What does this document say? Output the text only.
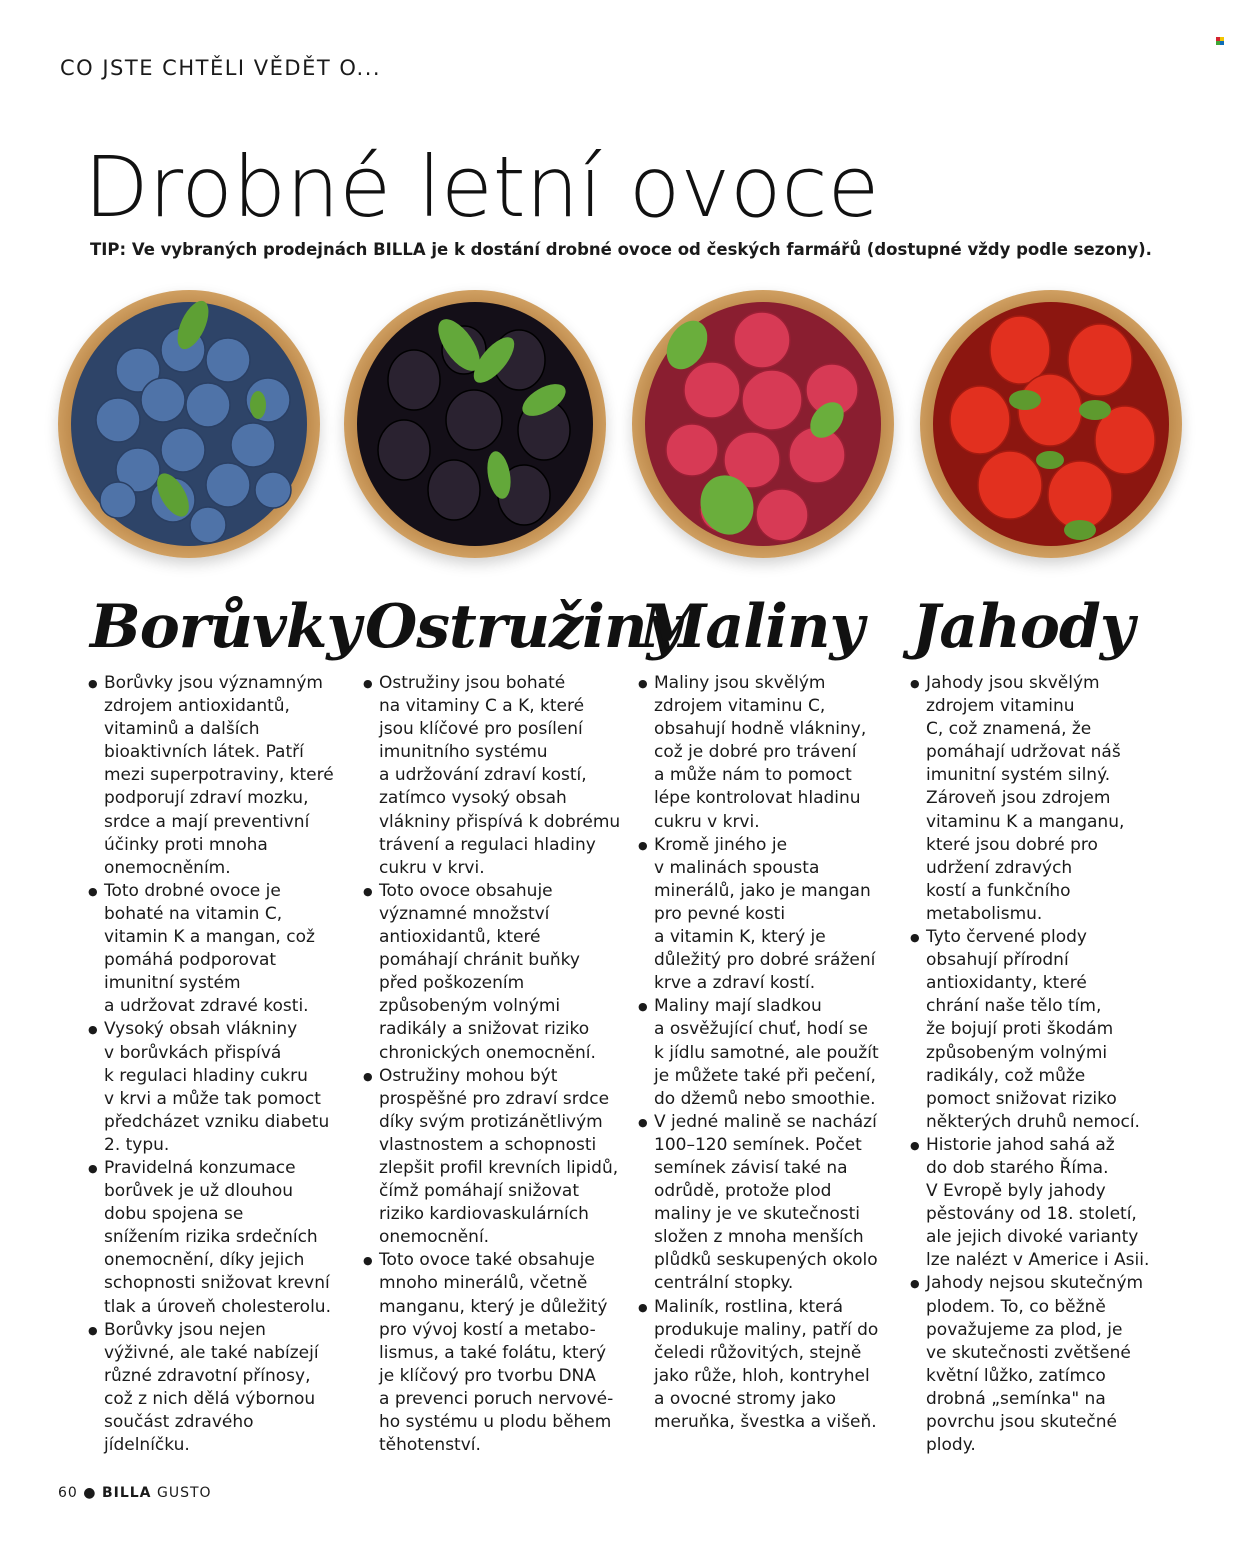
CO JSTE CHTĚLI VĚDĚT O...
Drobné letní ovoce
TIP: Ve vybraných prodejnách BILLA je k dostání drobné ovoce od českých farmářů (dostupné vždy podle sezony).
Borůvky
● Borůvky jsou významným
zdrojem antioxidantů,
vitaminů a dalších
bioaktivních látek. Patří
mezi superpotraviny, které
podporují zdraví mozku,
srdce a mají preventivní
účinky proti mnoha
onemocněním.
● Toto drobné ovoce je
bohaté na vitamin C,
vitamin K a mangan, což
pomáhá podporovat
imunitní systém
a udržovat zdravé kosti.
● Vysoký obsah vlákniny
v borůvkách přispívá
k regulaci hladiny cukru
v krvi a může tak pomoct
předcházet vzniku diabetu
2. typu.
● Pravidelná konzumace
borůvek je už dlouhou
dobu spojena se
snížením rizika srdečních
onemocnění, díky jejich
schopnosti snižovat krevní
tlak a úroveň cholesterolu.
● Borůvky jsou nejen
výživné, ale také nabízejí
různé zdravotní přínosy,
což z nich dělá výbornou
součást zdravého
jídelníčku.
Ostružiny
● Ostružiny jsou bohaté
na vitaminy C a K, které
jsou klíčové pro posílení
imunitního systému
a udržování zdraví kostí,
zatímco vysoký obsah
vlákniny přispívá k dobrému
trávení a regulaci hladiny
cukru v krvi.
● Toto ovoce obsahuje
významné množství
antioxidantů, které
pomáhají chránit buňky
před poškozením
způsobeným volnými
radikály a snižovat riziko
chronických onemocnění.
● Ostružiny mohou být
prospěšné pro zdraví srdce
díky svým protizánětlivým
vlastnostem a schopnosti
zlepšit profil krevních lipidů,
čímž pomáhají snižovat
riziko kardiovaskulárních
onemocnění.
● Toto ovoce také obsahuje
mnoho minerálů, včetně
manganu, který je důležitý
pro vývoj kostí a metabo-
lismus, a také folátu, který
je klíčový pro tvorbu DNA
a prevenci poruch nervové-
ho systému u plodu během
těhotenství.
Maliny
● Maliny jsou skvělým
zdrojem vitaminu C,
obsahují hodně vlákniny,
což je dobré pro trávení
a může nám to pomoct
lépe kontrolovat hladinu
cukru v krvi.
● Kromě jiného je
v malinách spousta
minerálů, jako je mangan
pro pevné kosti
a vitamin K, který je
důležitý pro dobré srážení
krve a zdraví kostí.
● Maliny mají sladkou
a osvěžující chuť, hodí se
k jídlu samotné, ale použít
je můžete také při pečení,
do džemů nebo smoothie.
● V jedné malině se nachází
100–120 semínek. Počet
semínek závisí také na
odrůdě, protože plod
maliny je ve skutečnosti
složen z mnoha menších
plůdků seskupených okolo
centrální stopky.
● Maliník, rostlina, která
produkuje maliny, patří do
čeledi růžovitých, stejně
jako růže, hloh, kontryhel
a ovocné stromy jako
meruňka, švestka a višeň.
Jahody
● Jahody jsou skvělým
zdrojem vitaminu
C, což znamená, že
pomáhají udržovat náš
imunitní systém silný.
Zároveň jsou zdrojem
vitaminu K a manganu,
které jsou dobré pro
udržení zdravých
kostí a funkčního
metabolismu.
● Tyto červené plody
obsahují přírodní
antioxidanty, které
chrání naše tělo tím,
že bojují proti škodám
způsobeným volnými
radikály, což může
pomoct snižovat riziko
některých druhů nemocí.
● Historie jahod sahá až
do dob starého Říma.
V Evropě byly jahody
pěstovány od 18. století,
ale jejich divoké varianty
lze nalézt v Americe i Asii.
● Jahody nejsou skutečným
plodem. To, co běžně
považujeme za plod, je
ve skutečnosti zvětšené
květní lůžko, zatímco
drobná „semínka" na
povrchu jsou skutečné
plody.
60 ● BILLA GUSTO
